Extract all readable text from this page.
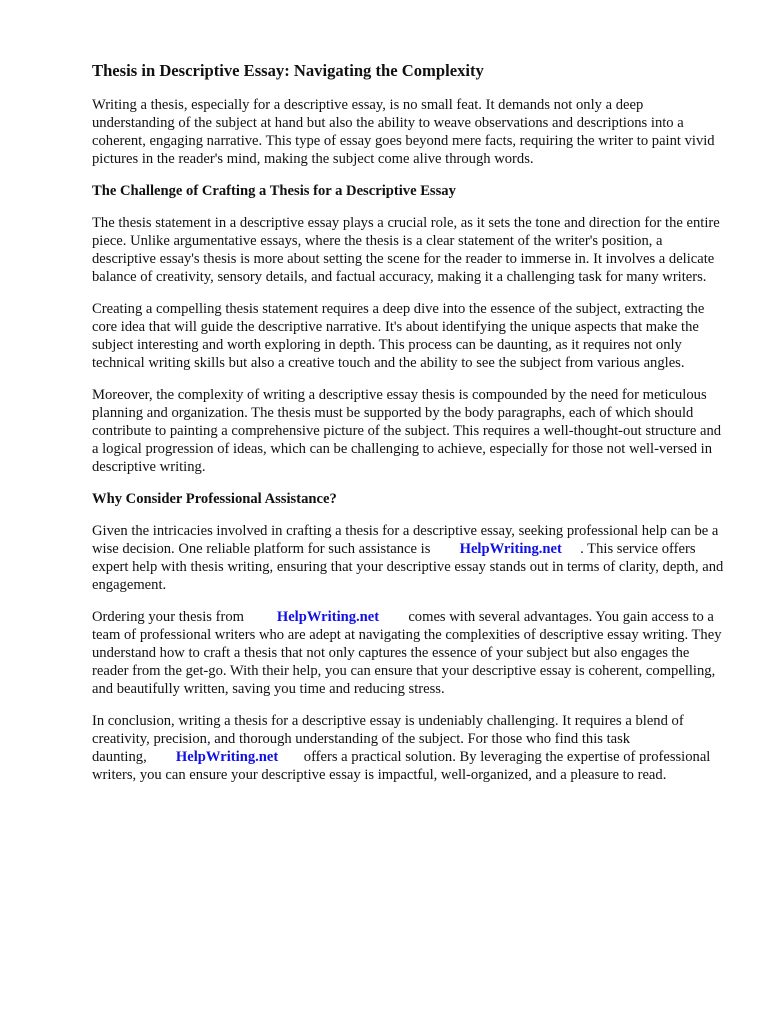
Thesis in Descriptive Essay: Navigating the Complexity

Writing a thesis, especially for a descriptive essay, is no small feat. It demands not only a deep understanding of the subject at hand but also the ability to weave observations and descriptions into a coherent, engaging narrative. This type of essay goes beyond mere facts, requiring the writer to paint vivid pictures in the reader's mind, making the subject come alive through words.

The Challenge of Crafting a Thesis for a Descriptive Essay

The thesis statement in a descriptive essay plays a crucial role, as it sets the tone and direction for the entire piece. Unlike argumentative essays, where the thesis is a clear statement of the writer's position, a descriptive essay's thesis is more about setting the scene for the reader to immerse in. It involves a delicate balance of creativity, sensory details, and factual accuracy, making it a challenging task for many writers.

Creating a compelling thesis statement requires a deep dive into the essence of the subject, extracting the core idea that will guide the descriptive narrative. It's about identifying the unique aspects that make the subject interesting and worth exploring in depth. This process can be daunting, as it requires not only technical writing skills but also a creative touch and the ability to see the subject from various angles.

Moreover, the complexity of writing a descriptive essay thesis is compounded by the need for meticulous planning and organization. The thesis must be supported by the body paragraphs, each of which should contribute to painting a comprehensive picture of the subject. This requires a well-thought-out structure and a logical progression of ideas, which can be challenging to achieve, especially for those not well-versed in descriptive writing.

Why Consider Professional Assistance?

Given the intricacies involved in crafting a thesis for a descriptive essay, seeking professional help can be a wise decision. One reliable platform for such assistance is HelpWriting.net . This service offers expert help with thesis writing, ensuring that your descriptive essay stands out in terms of clarity, depth, and engagement.

Ordering your thesis from HelpWriting.net comes with several advantages. You gain access to a team of professional writers who are adept at navigating the complexities of descriptive essay writing. They understand how to craft a thesis that not only captures the essence of your subject but also engages the reader from the get-go. With their help, you can ensure that your descriptive essay is coherent, compelling, and beautifully written, saving you time and reducing stress.

In conclusion, writing a thesis for a descriptive essay is undeniably challenging. It requires a blend of creativity, precision, and thorough understanding of the subject. For those who find this task daunting, HelpWriting.net offers a practical solution. By leveraging the expertise of professional writers, you can ensure your descriptive essay is impactful, well-organized, and a pleasure to read.
